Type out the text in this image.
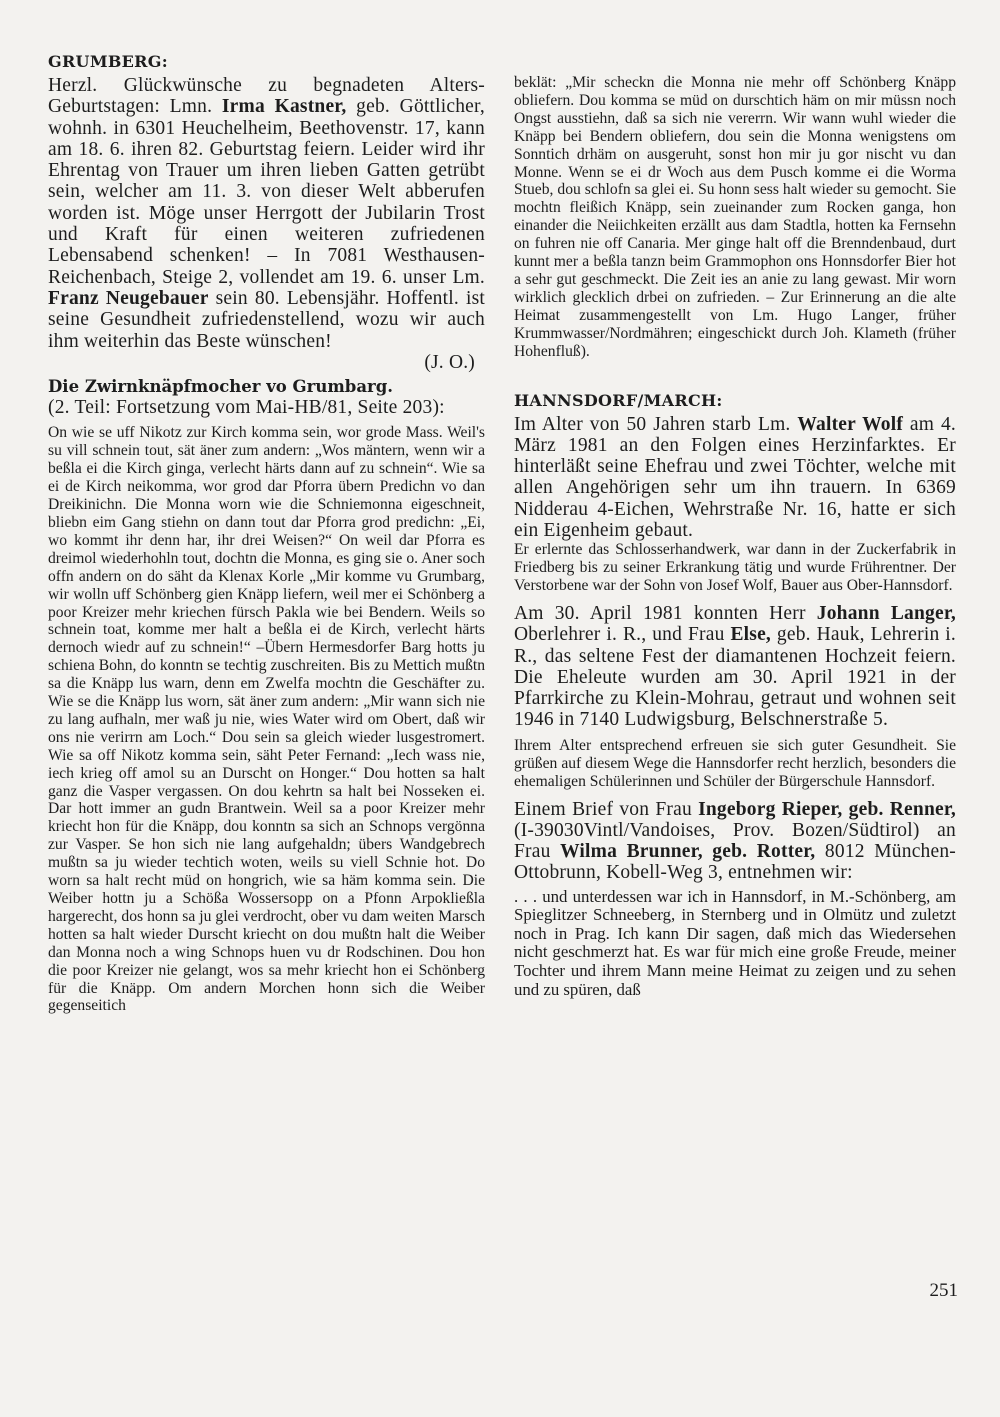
GRUMBERG:

Herzl. Glückwünsche zu begnadeten Alters-Geburtstagen: Lmn. Irma Kastner, geb. Göttlicher, wohnh. in 6301 Heuchelheim, Beethovenstr. 17, kann am 18. 6. ihren 82. Geburtstag feiern. Leider wird ihr Ehrentag von Trauer um ihren lieben Gatten getrübt sein, welcher am 11. 3. von dieser Welt abberufen worden ist. Möge unser Herrgott der Jubilarin Trost und Kraft für einen weiteren zufriedenen Lebensabend schenken! – In 7081 Westhausen-Reichenbach, Steige 2, vollendet am 19. 6. unser Lm. Franz Neugebauer sein 80. Lebensjähr. Hoffentl. ist seine Gesundheit zufriedenstellend, wozu wir auch ihm weiterhin das Beste wünschen!

(J. O.)

Die Zwirnknäpfmocher vo Grumbarg.

(2. Teil: Fortsetzung vom Mai-HB/81, Seite 203):

On wie se uff Nikotz zur Kirch komma sein, wor grode Mass. Weil's su vill schnein tout, sät äner zum andern: „Wos mäntern, wenn wir a beßla ei die Kirch ginga, verlecht härts dann auf zu schnein“. Wie sa ei de Kirch neikomma, wor grod dar Pforra übern Predichn vo dan Dreikinichn. Die Monna worn wie die Schniemonna eigeschneit, bliebn eim Gang stiehn on dann tout dar Pforra grod predichn: „Ei, wo kommt ihr denn har, ihr drei Weisen?“ On weil dar Pforra es dreimol wiederhohln tout, dochtn die Monna, es ging sie o. Aner soch offn andern on do säht da Klenax Korle „Mir komme vu Grumbarg, wir wolln uff Schönberg gien Knäpp liefern, weil mer ei Schönberg a poor Kreizer mehr kriechen fürsch Pakla wie bei Bendern. Weils so schnein toat, komme mer halt a beßla ei de Kirch, verlecht härts dernoch wiedr auf zu schnein!“ –Übern Hermesdorfer Barg hotts ju schiena Bohn, do konntn se techtig zuschreiten. Bis zu Mettich mußtn sa die Knäpp lus warn, denn em Zwelfa mochtn die Geschäfter zu. Wie se die Knäpp lus worn, sät äner zum andern: „Mir wann sich nie zu lang aufhaln, mer waß ju nie, wies Water wird om Obert, daß wir ons nie verirrn am Loch.“ Dou sein sa gleich wieder lusgestromert. Wie sa off Nikotz komma sein, säht Peter Fernand: „Iech wass nie, iech krieg off amol su an Durscht on Honger.“ Dou hotten sa halt ganz die Vasper vergassen. On dou kehrtn sa halt bei Nosseken ei. Dar hott immer an gudn Brantwein. Weil sa a poor Kreizer mehr kriecht hon für die Knäpp, dou konntn sa sich an Schnops vergönna zur Vasper. Se hon sich nie lang aufgehaldn; übers Wandgebrech mußtn sa ju wieder techtich woten, weils su viell Schnie hot. Do worn sa halt recht müd on hongrich, wie sa häm komma sein. Die Weiber hottn ju a Schößa Wossersopp on a Pfonn Arpokließla hargerecht, dos honn sa ju glei verdrocht, ober vu dam weiten Marsch hotten sa halt wieder Durscht kriecht on dou mußtn halt die Weiber dan Monna noch a wing Schnops huen vu dr Rodschinen. Dou hon die poor Kreizer nie gelangt, wos sa mehr kriecht hon ei Schönberg für die Knäpp. Om andern Morchen honn sich die Weiber gegenseitich

beklät: „Mir scheckn die Monna nie mehr off Schönberg Knäpp obliefern. Dou komma se müd on durschtich häm on mir müssn noch Ongst ausstiehn, daß sa sich nie vererrn. Wir wann wuhl wieder die Knäpp bei Bendern obliefern, dou sein die Monna wenigstens om Sonntich drhäm on ausgeruht, sonst hon mir ju gor nischt vu dan Monne. Wenn se ei dr Woch aus dem Pusch komme ei die Worma Stueb, dou schlofn sa glei ei. Su honn sess halt wieder su gemocht. Sie mochtn fleißich Knäpp, sein zueinander zum Rocken ganga, hon einander die Neiichkeiten erzällt aus dam Stadtla, hotten ka Fernsehn on fuhren nie off Canaria. Mer ginge halt off die Brenndenbaud, durt kunnt mer a beßla tanzn beim Grammophon ons Honnsdorfer Bier hot a sehr gut geschmeckt. Die Zeit ies an anie zu lang gewast. Mir worn wirklich glecklich drbei on zufrieden. – Zur Erinnerung an die alte Heimat zusammengestellt von Lm. Hugo Langer, früher Krummwasser/Nordmähren; eingeschickt durch Joh. Klameth (früher Hohenfluß).

HANNSDORF/MARCH:

Im Alter von 50 Jahren starb Lm. Walter Wolf am 4. März 1981 an den Folgen eines Herzinfarktes. Er hinterläßt seine Ehefrau und zwei Töchter, welche mit allen Angehörigen sehr um ihn trauern. In 6369 Nidderau 4-Eichen, Wehrstraße Nr. 16, hatte er sich ein Eigenheim gebaut.

Er erlernte das Schlosserhandwerk, war dann in der Zuckerfabrik in Friedberg bis zu seiner Erkrankung tätig und wurde Frührentner. Der Verstorbene war der Sohn von Josef Wolf, Bauer aus Ober-Hannsdorf.

Am 30. April 1981 konnten Herr Johann Langer, Oberlehrer i. R., und Frau Else, geb. Hauk, Lehrerin i. R., das seltene Fest der diamantenen Hochzeit feiern. Die Eheleute wurden am 30. April 1921 in der Pfarrkirche zu Klein-Mohrau, getraut und wohnen seit 1946 in 7140 Ludwigsburg, Belschnerstraße 5.

Ihrem Alter entsprechend erfreuen sie sich guter Gesundheit. Sie grüßen auf diesem Wege die Hannsdorfer recht herzlich, besonders die ehemaligen Schülerinnen und Schüler der Bürgerschule Hannsdorf.

Einem Brief von Frau Ingeborg Rieper, geb. Renner, (I-39030Vintl/Vandoises, Prov. Bozen/Südtirol) an Frau Wilma Brunner, geb. Rotter, 8012 München-Ottobrunn, Kobell-Weg 3, entnehmen wir:

. . . und unterdessen war ich in Hannsdorf, in M.-Schönberg, am Spieglitzer Schneeberg, in Sternberg und in Olmütz und zuletzt noch in Prag. Ich kann Dir sagen, daß mich das Wiedersehen nicht geschmerzt hat. Es war für mich eine große Freude, meiner Tochter und ihrem Mann meine Heimat zu zeigen und zu sehen und zu spüren, daß

251
